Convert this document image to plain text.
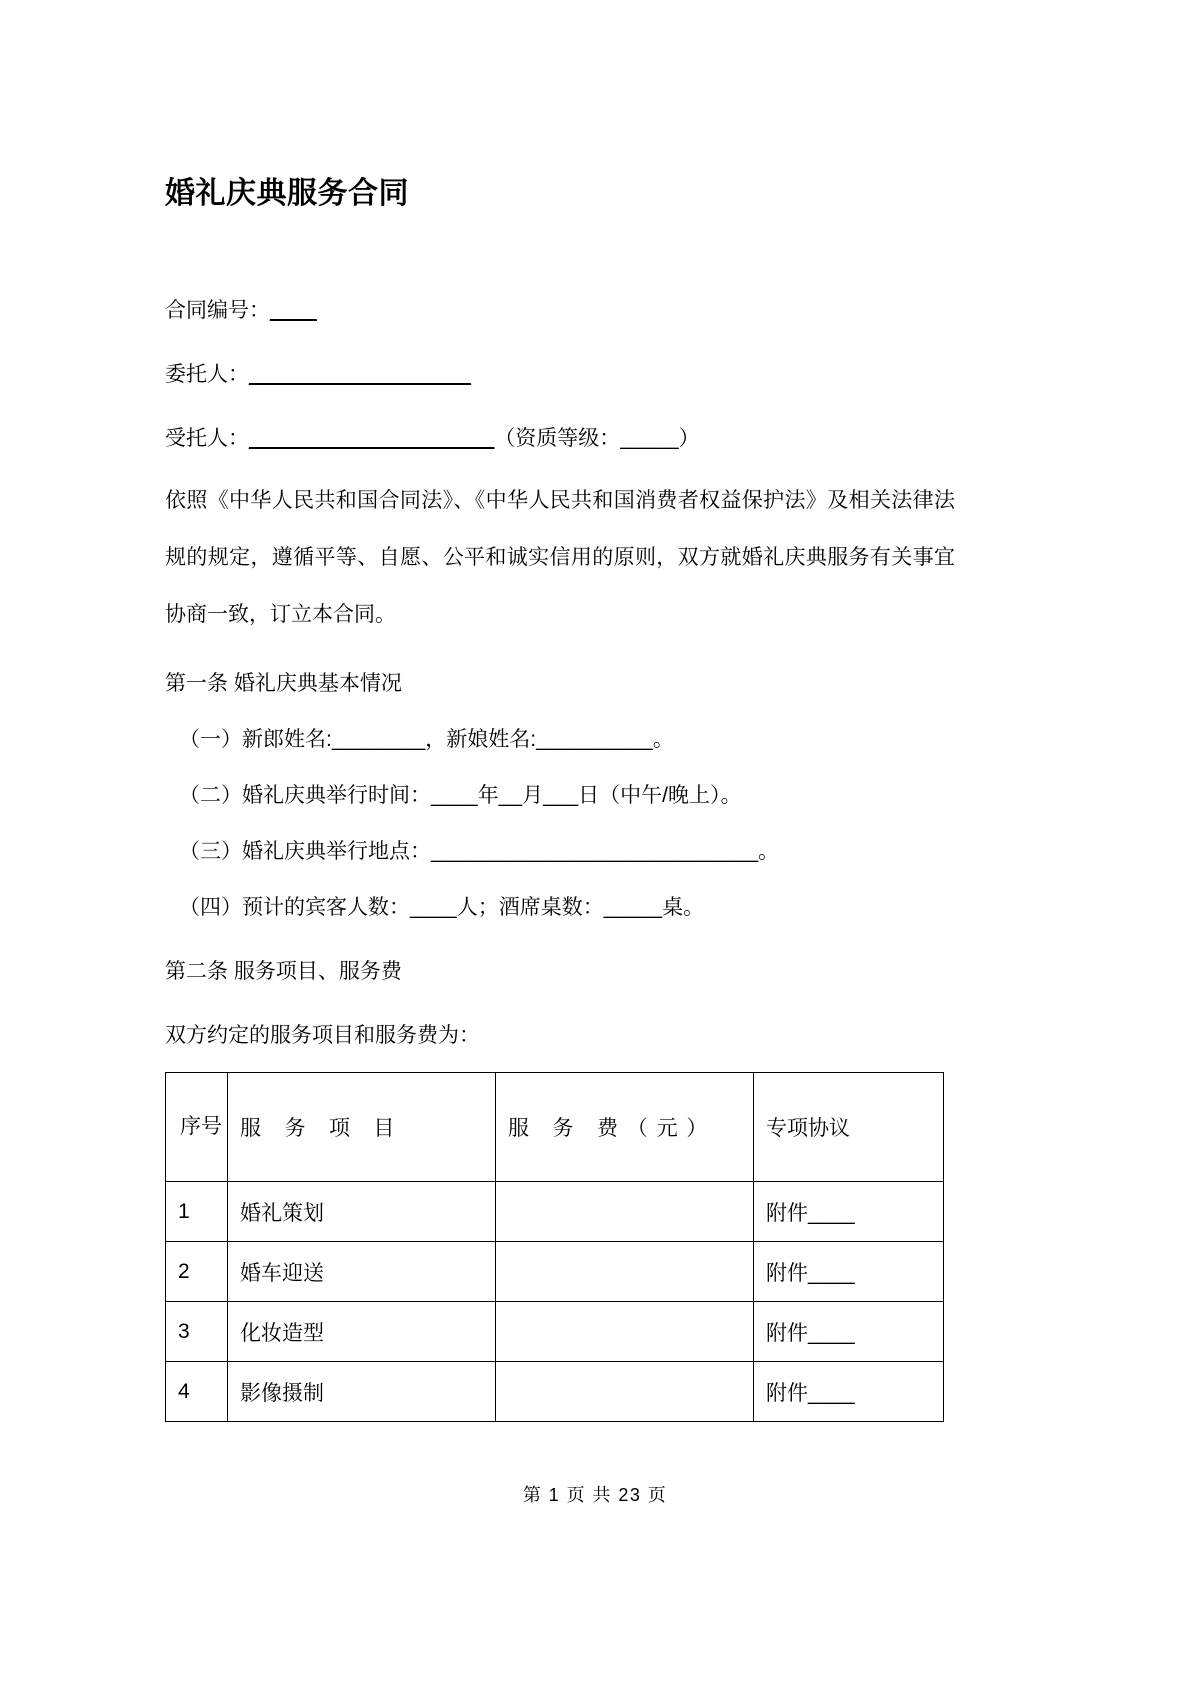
婚礼庆典服务合同
合同编号：____
委托人：___________________
受托人：_____________________（资质等级：_____）

依照《中华人民共和国合同法》、《中华人民共和国消费者权益保护法》及相关法律法规的规定，遵循平等、自愿、公平和诚实信用的原则，双方就婚礼庆典服务有关事宜协商一致，订立本合同。

第一条 婚礼庆典基本情况
（一）新郎姓名:________，新娘姓名:__________。
（二）婚礼庆典举行时间：____年__月___日（中午/晚上）。
（三）婚礼庆典举行地点：____________________________。
（四）预计的宾客人数：____人；酒席桌数：_____桌。
第二条 服务项目、服务费
双方约定的服务项目和服务费为：
序号	服 务 项 目	服 务 费（元）	专项协议
1	婚礼策划		附件____
2	婚车迎送		附件____
3	化妆造型		附件____
4	影像摄制		附件____
第 1 页 共 23 页
